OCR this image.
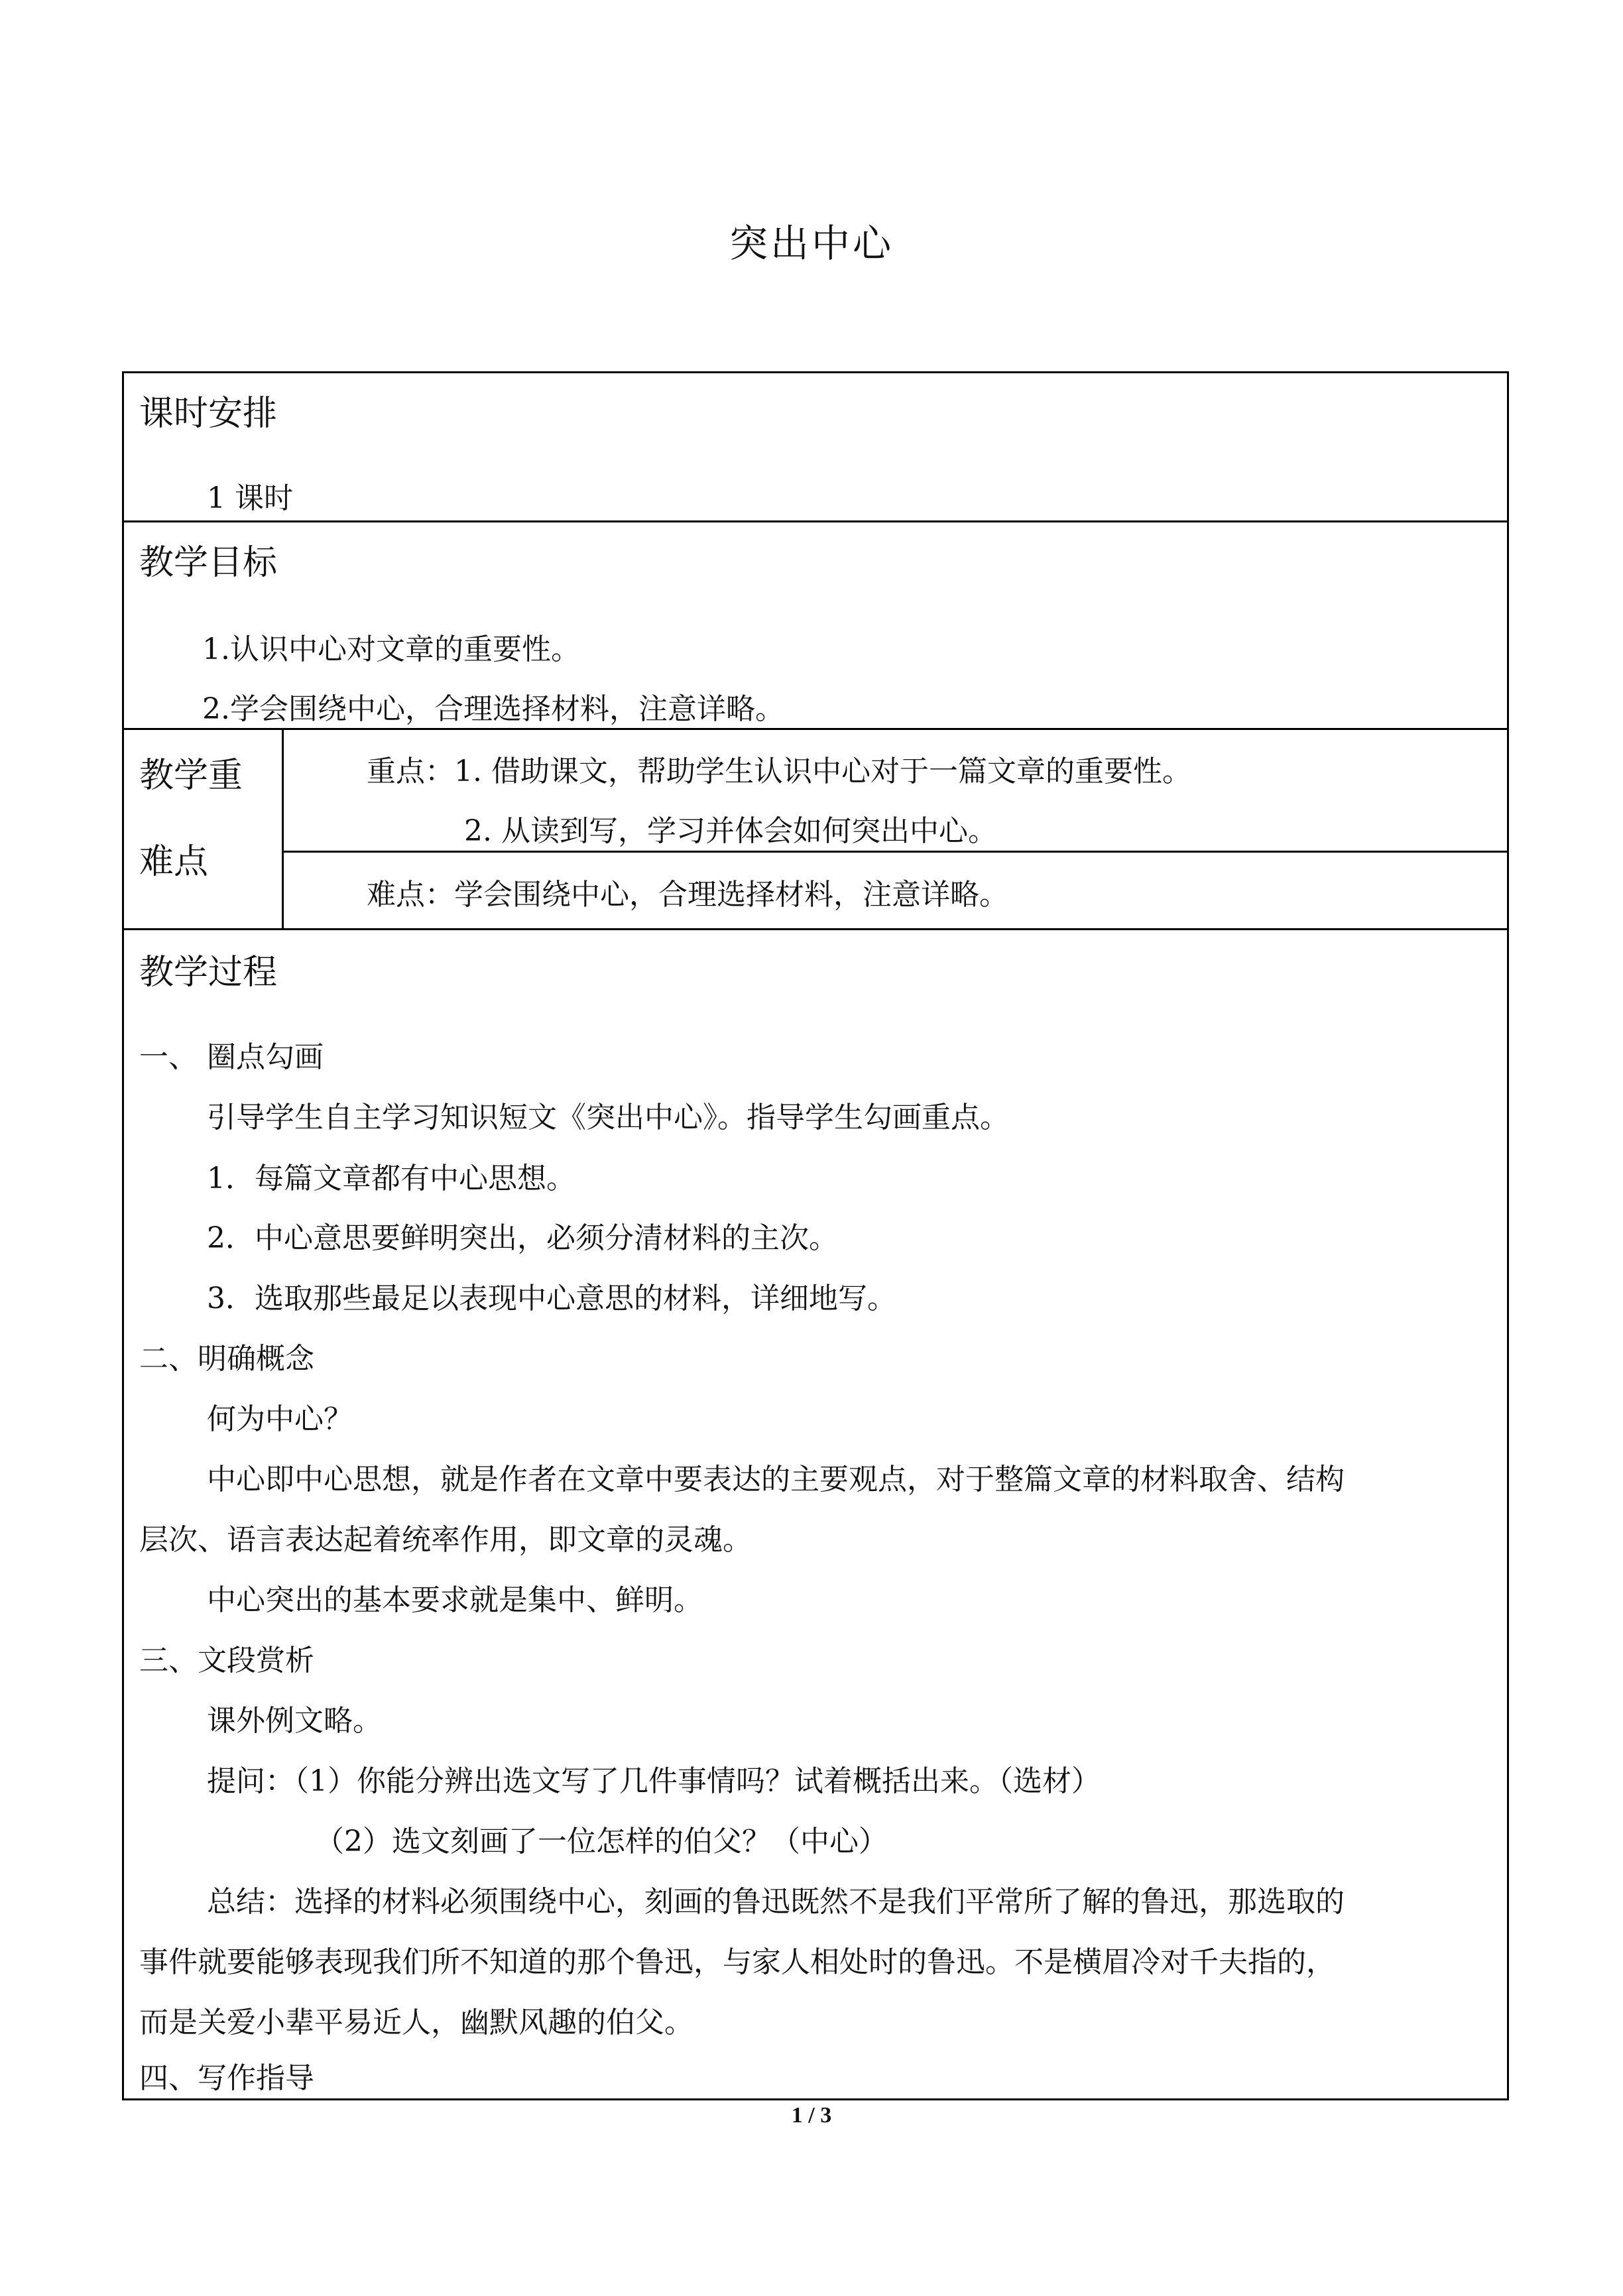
突出中心
课时安排
1 课时
教学目标
1.认识中心对文章的重要性。
2.学会围绕中心，合理选择材料，注意详略。
教学重
难点
重点：1. 借助课文，帮助学生认识中心对于一篇文章的重要性。
2. 从读到写，学习并体会如何突出中心。
难点：学会围绕中心，合理选择材料，注意详略。
教学过程
一、 圈点勾画
引导学生自主学习知识短文《突出中心》。指导学生勾画重点。
1．每篇文章都有中心思想。
2．中心意思要鲜明突出，必须分清材料的主次。
3．选取那些最足以表现中心意思的材料，详细地写。
二、明确概念
何为中心？
中心即中心思想，就是作者在文章中要表达的主要观点，对于整篇文章的材料取舍、结构
层次、语言表达起着统率作用，即文章的灵魂。
中心突出的基本要求就是集中、鲜明。
三、文段赏析
课外例文略。
提问：（1）你能分辨出选文写了几件事情吗？试着概括出来。（选材）
（2）选文刻画了一位怎样的伯父？（中心）
总结：选择的材料必须围绕中心，刻画的鲁迅既然不是我们平常所了解的鲁迅，那选取的
事件就要能够表现我们所不知道的那个鲁迅，与家人相处时的鲁迅。不是横眉冷对千夫指的，
而是关爱小辈平易近人，幽默风趣的伯父。
四、写作指导
1 / 3
